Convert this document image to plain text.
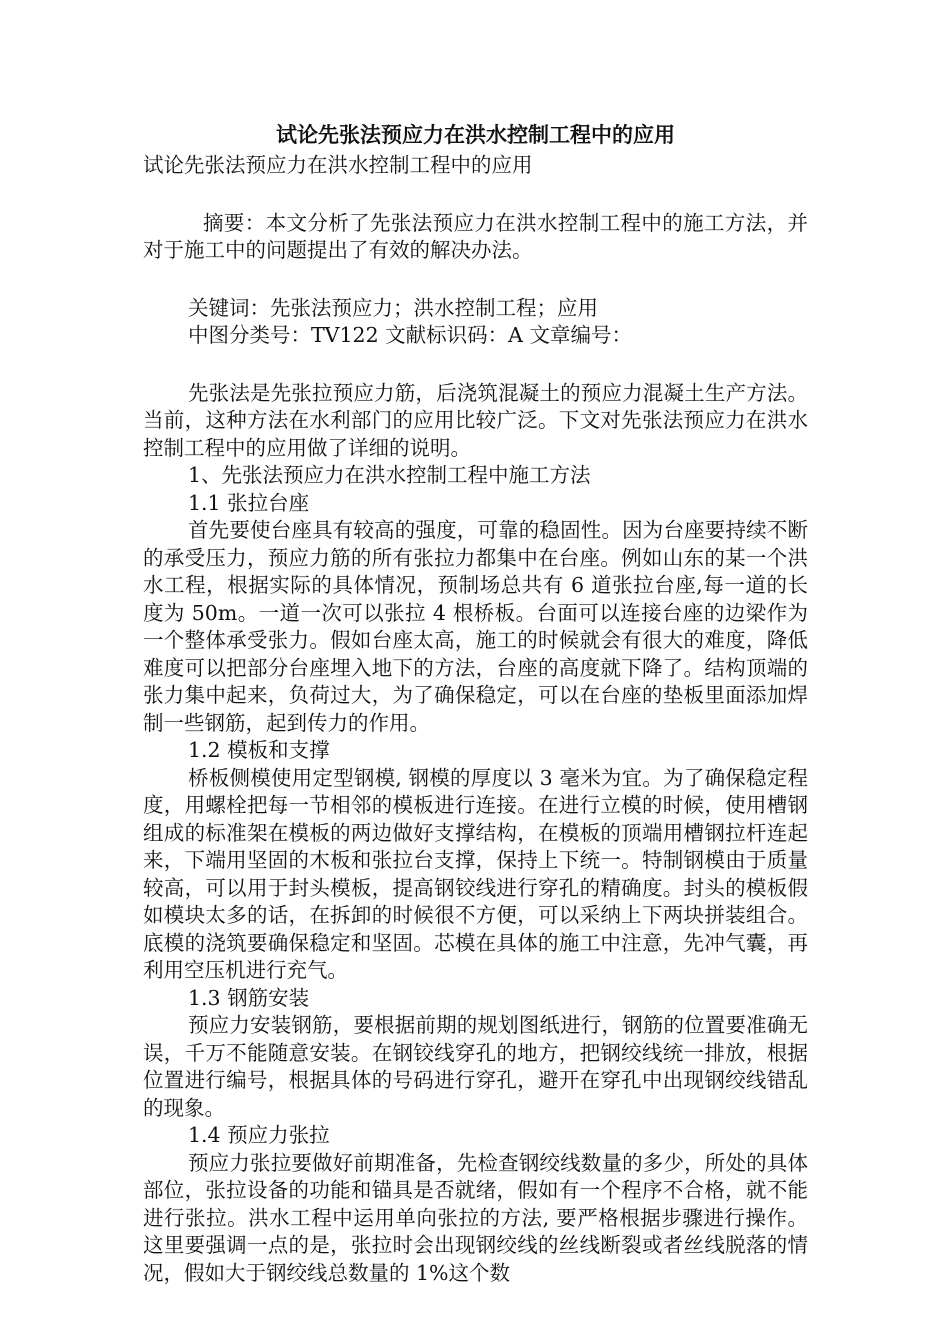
试论先张法预应力在洪水控制工程中的应用

试论先张法预应力在洪水控制工程中的应用

摘要：本文分析了先张法预应力在洪水控制工程中的施工方法，并对于施工中的问题提出了有效的解决办法。

关键词：先张法预应力；洪水控制工程；应用

中图分类号：TV122 文献标识码：A 文章编号：

先张法是先张拉预应力筋，后浇筑混凝土的预应力混凝土生产方法。当前，这种方法在水利部门的应用比较广泛。下文对先张法预应力在洪水控制工程中的应用做了详细的说明。

1、先张法预应力在洪水控制工程中施工方法

1.1 张拉台座

首先要使台座具有较高的强度，可靠的稳固性。因为台座要持续不断的承受压力，预应力筋的所有张拉力都集中在台座。例如山东的某一个洪水工程，根据实际的具体情况，预制场总共有 6 道张拉台座,每一道的长度为 50m。一道一次可以张拉 4 根桥板。台面可以连接台座的边梁作为一个整体承受张力。假如台座太高，施工的时候就会有很大的难度，降低难度可以把部分台座埋入地下的方法，台座的高度就下降了。结构顶端的张力集中起来，负荷过大，为了确保稳定，可以在台座的垫板里面添加焊制一些钢筋，起到传力的作用。

1.2 模板和支撑

桥板侧模使用定型钢模, 钢模的厚度以 3 毫米为宜。为了确保稳定程度，用螺栓把每一节相邻的模板进行连接。在进行立模的时候，使用槽钢组成的标准架在模板的两边做好支撑结构，在模板的顶端用槽钢拉杆连起来，下端用坚固的木板和张拉台支撑，保持上下统一。特制钢模由于质量较高，可以用于封头模板，提高钢铰线进行穿孔的精确度。封头的模板假如模块太多的话，在拆卸的时候很不方便，可以采纳上下两块拼装组合。底模的浇筑要确保稳定和坚固。芯模在具体的施工中注意，先冲气囊，再利用空压机进行充气。

1.3 钢筋安装

预应力安装钢筋，要根据前期的规划图纸进行，钢筋的位置要准确无误，千万不能随意安装。在钢铰线穿孔的地方，把钢绞线统一排放，根据位置进行编号，根据具体的号码进行穿孔，避开在穿孔中出现钢绞线错乱的现象。

1.4 预应力张拉

预应力张拉要做好前期准备，先检查钢绞线数量的多少，所处的具体部位，张拉设备的功能和锚具是否就绪，假如有一个程序不合格，就不能进行张拉。洪水工程中运用单向张拉的方法, 要严格根据步骤进行操作。这里要强调一点的是，张拉时会出现钢绞线的丝线断裂或者丝线脱落的情况，假如大于钢绞线总数量的 1%这个数
